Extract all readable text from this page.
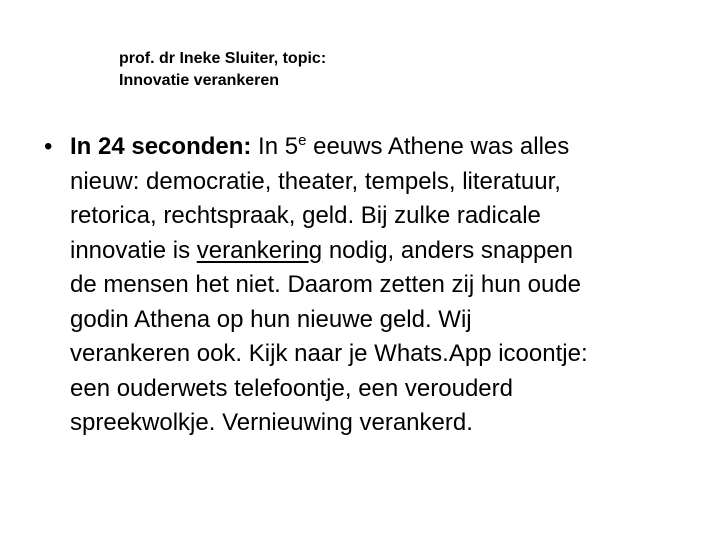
prof. dr Ineke Sluiter, topic:
Innovatie verankeren
• In 24 seconden: In 5e eeuws Athene was alles
nieuw: democratie, theater, tempels, literatuur,
retorica, rechtspraak, geld. Bij zulke radicale
innovatie is verankering nodig, anders snappen
de mensen het niet. Daarom zetten zij hun oude
godin Athena op hun nieuwe geld. Wij
verankeren ook. Kijk naar je Whats.App icoontje:
een ouderwets telefoontje, een verouderd
spreekwolkje. Vernieuwing verankerd.
